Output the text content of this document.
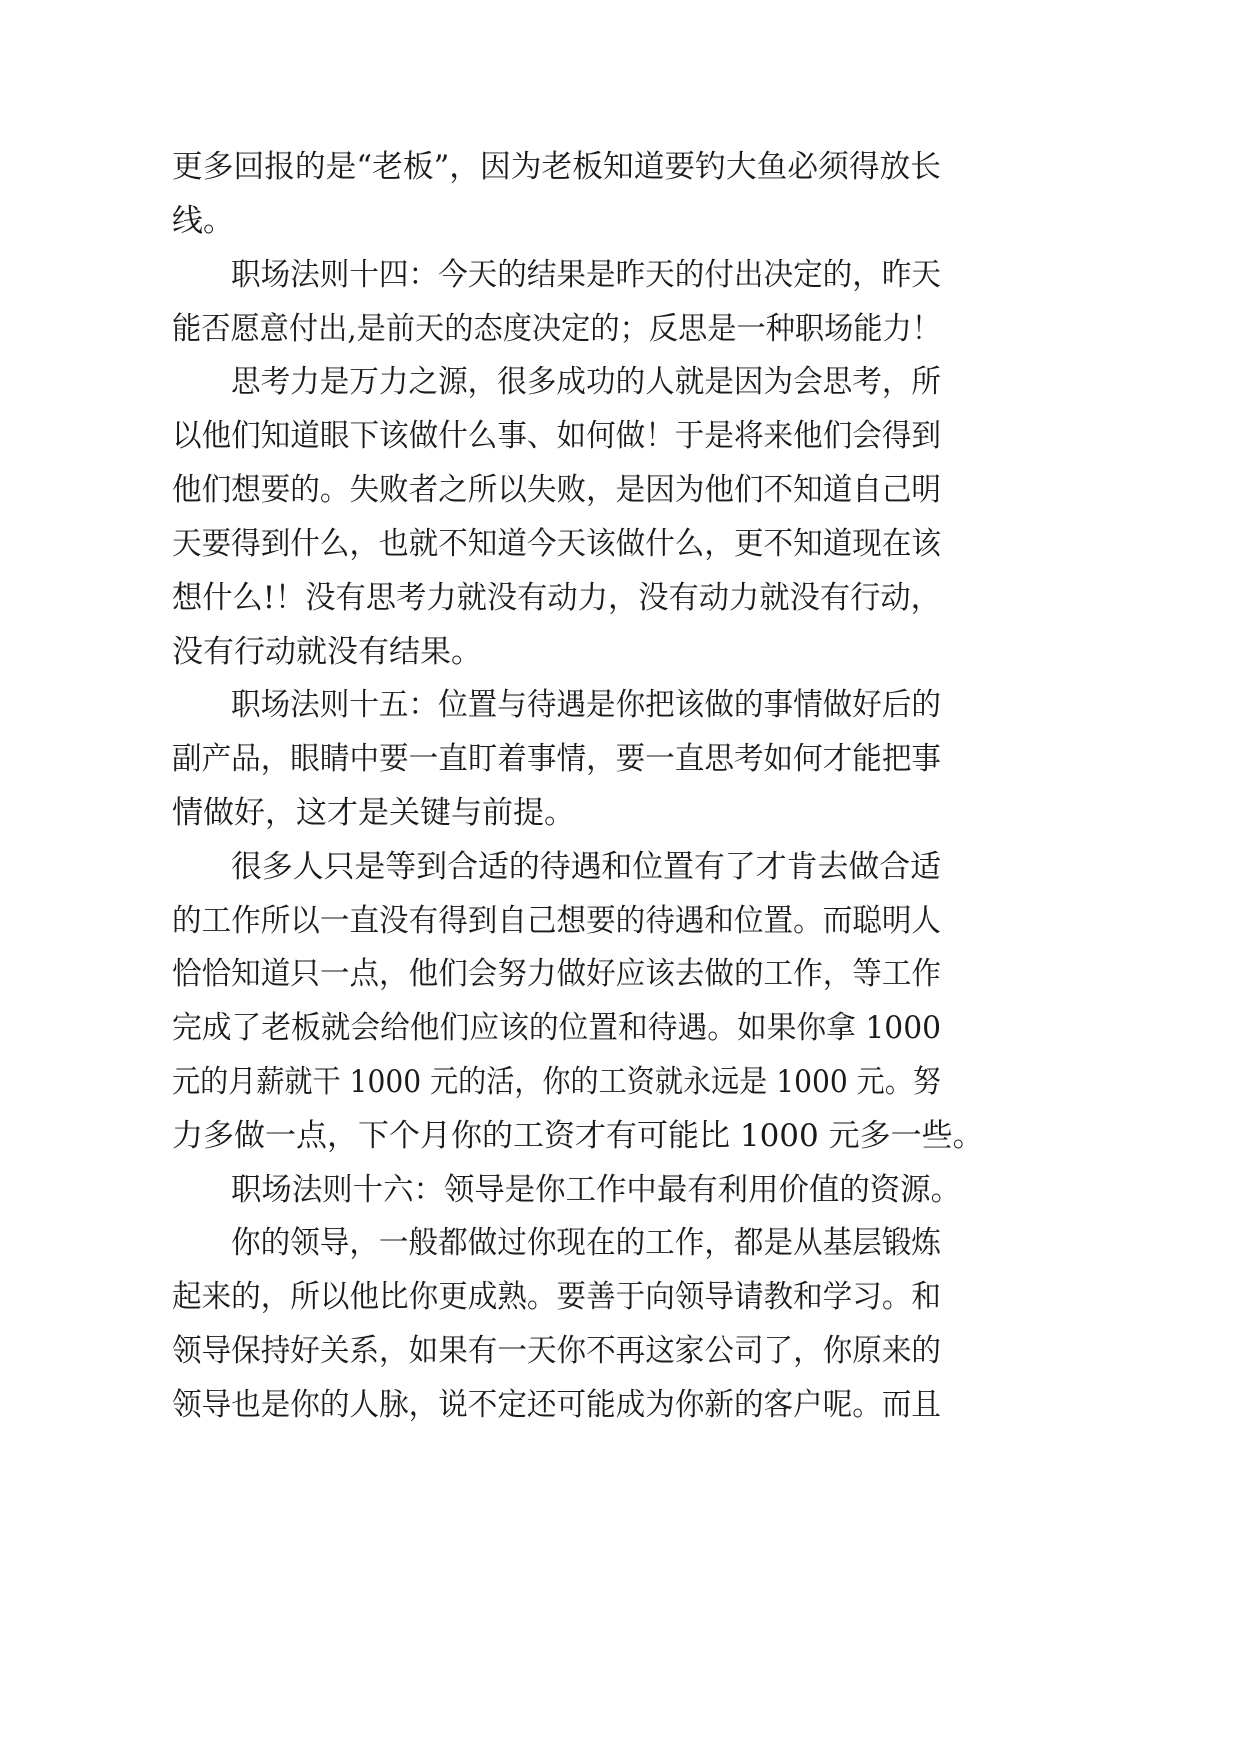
更多回报的是“老板”，因为老板知道要钓大鱼必须得放长

线。

职场法则十四：今天的结果是昨天的付出决定的，昨天

能否愿意付出,是前天的态度决定的；反思是一种职场能力！

思考力是万力之源，很多成功的人就是因为会思考，所

以他们知道眼下该做什么事、如何做！于是将来他们会得到

他们想要的。失败者之所以失败，是因为他们不知道自己明

天要得到什么，也就不知道今天该做什么，更不知道现在该

想什么!！没有思考力就没有动力，没有动力就没有行动，

没有行动就没有结果。

职场法则十五：位置与待遇是你把该做的事情做好后的

副产品，眼睛中要一直盯着事情，要一直思考如何才能把事

情做好，这才是关键与前提。

很多人只是等到合适的待遇和位置有了才肯去做合适

的工作所以一直没有得到自己想要的待遇和位置。而聪明人

恰恰知道只一点，他们会努力做好应该去做的工作，等工作

完成了老板就会给他们应该的位置和待遇。如果你拿 1000

元的月薪就干 1000 元的活，你的工资就永远是 1000 元。努

力多做一点，下个月你的工资才有可能比 1000 元多一些。

职场法则十六：领导是你工作中最有利用价值的资源。

你的领导，一般都做过你现在的工作，都是从基层锻炼

起来的，所以他比你更成熟。要善于向领导请教和学习。和

领导保持好关系，如果有一天你不再这家公司了，你原来的

领导也是你的人脉，说不定还可能成为你新的客户呢。而且
